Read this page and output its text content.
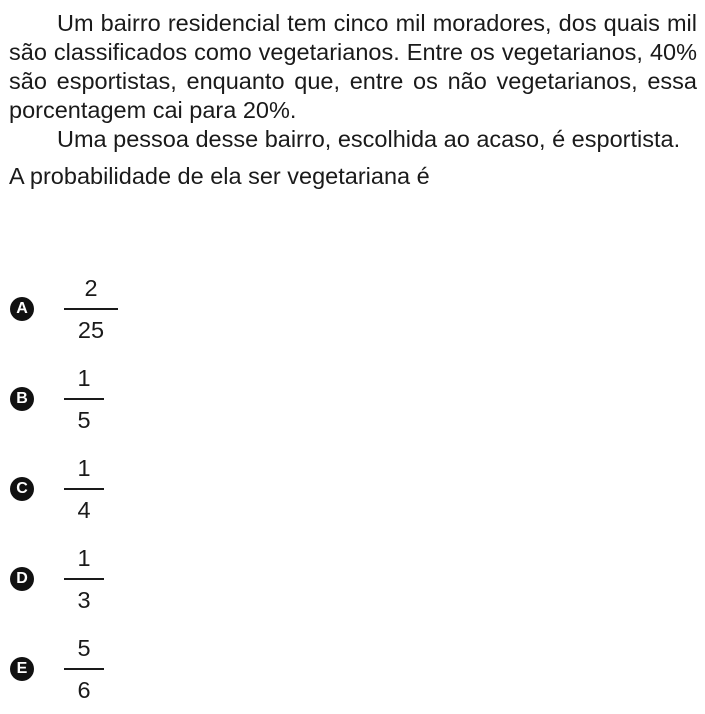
Um bairro residencial tem cinco mil moradores, dos quais mil são classificados como vegetarianos. Entre os vegetarianos, 40% são esportistas, enquanto que, entre os não vegetarianos, essa porcentagem cai para 20%.

Uma pessoa desse bairro, escolhida ao acaso, é esportista.

A probabilidade de ela ser vegetariana é

A $\frac{2}{25}$
B $\frac{1}{5}$
C $\frac{1}{4}$
D $\frac{1}{3}$
E $\frac{5}{6}$
